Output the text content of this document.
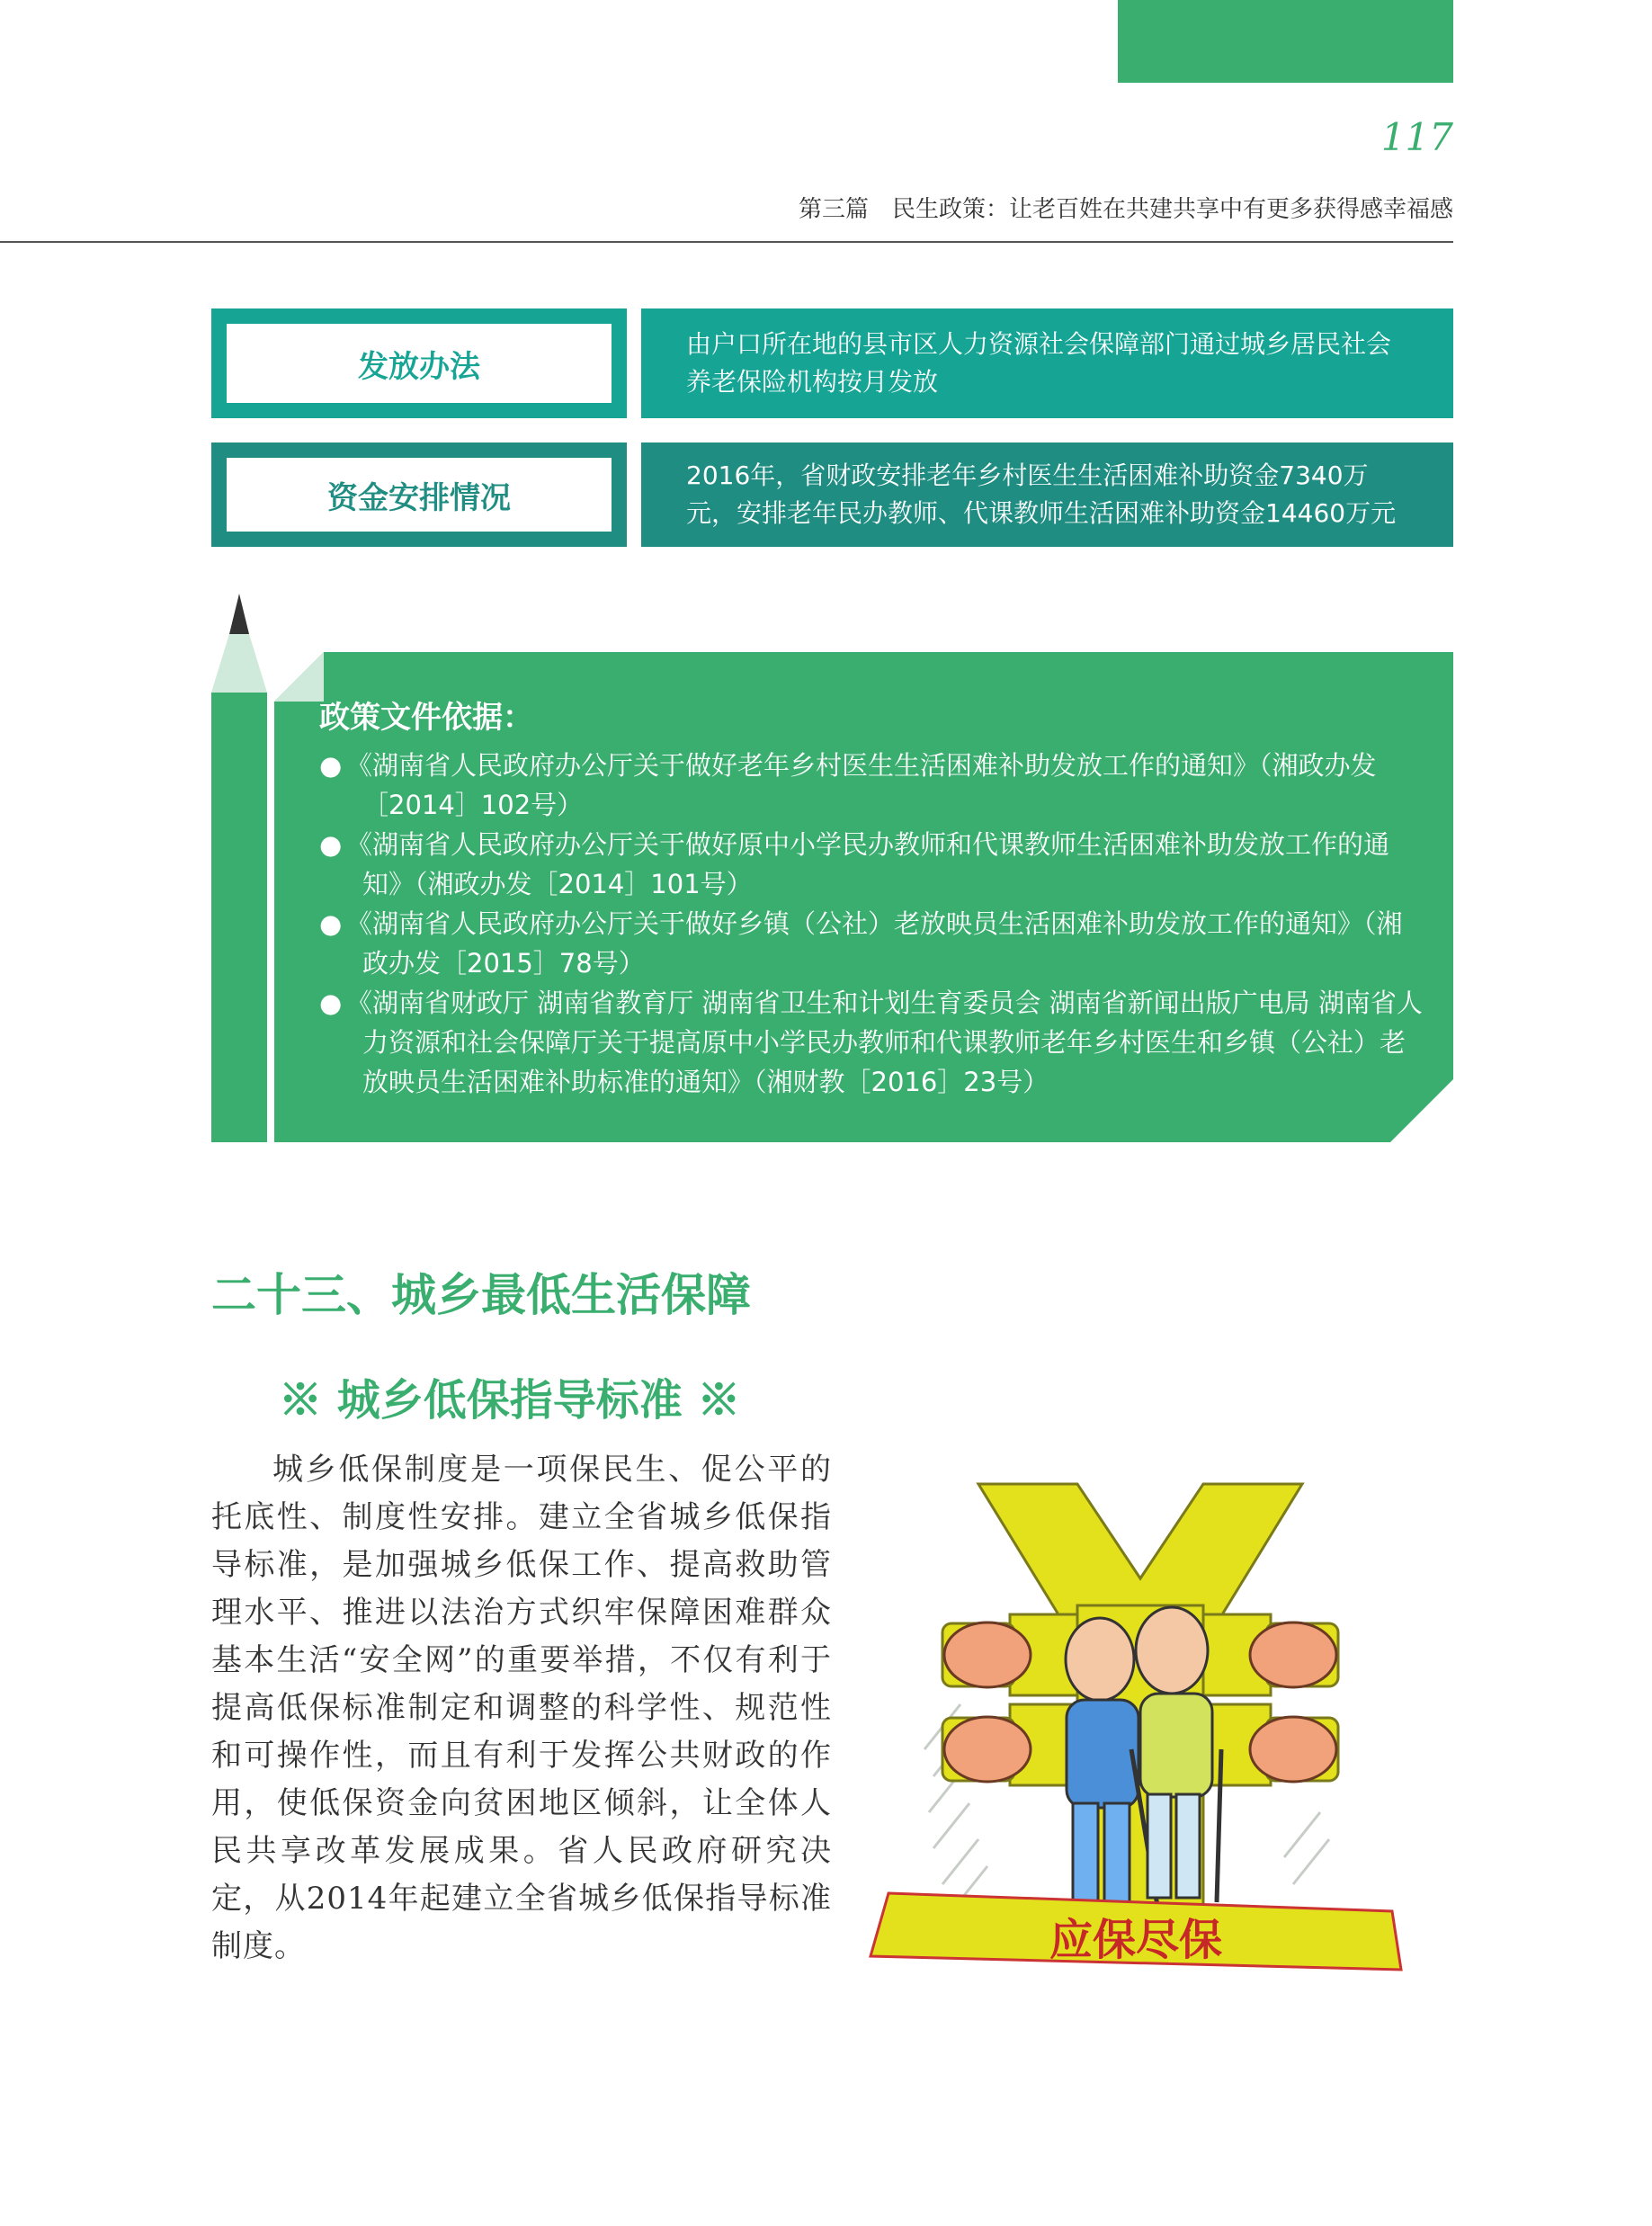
117
第三篇　民生政策：让老百姓在共建共享中有更多获得感幸福感
发放办法
由户口所在地的县市区人力资源社会保障部门通过城乡居民社会养老保险机构按月发放
资金安排情况
2016年，省财政安排老年乡村医生生活困难补助资金7340万元，安排老年民办教师、代课教师生活困难补助资金14460万元
政策文件依据：
● 《湖南省人民政府办公厅关于做好老年乡村医生生活困难补助发放工作的通知》（湘政办发［2014］102号）
● 《湖南省人民政府办公厅关于做好原中小学民办教师和代课教师生活困难补助发放工作的通知》（湘政办发［2014］101号）
● 《湖南省人民政府办公厅关于做好乡镇（公社）老放映员生活困难补助发放工作的通知》（湘政办发［2015］78号）
● 《湖南省财政厅 湖南省教育厅 湖南省卫生和计划生育委员会 湖南省新闻出版广电局 湖南省人力资源和社会保障厅关于提高原中小学民办教师和代课教师老年乡村医生和乡镇（公社）老放映员生活困难补助标准的通知》（湘财教［2016］23号）
二十三、城乡最低生活保障
※ 城乡低保指导标准 ※
城乡低保制度是一项保民生、促公平的托底性、制度性安排。建立全省城乡低保指导标准，是加强城乡低保工作、提高救助管理水平、推进以法治方式织牢保障困难群众基本生活“安全网”的重要举措，不仅有利于提高低保标准制定和调整的科学性、规范性和可操作性，而且有利于发挥公共财政的作用，使低保资金向贫困地区倾斜，让全体人民共享改革发展成果。省人民政府研究决定，从2014年起建立全省城乡低保指导标准制度。	应保尽保
